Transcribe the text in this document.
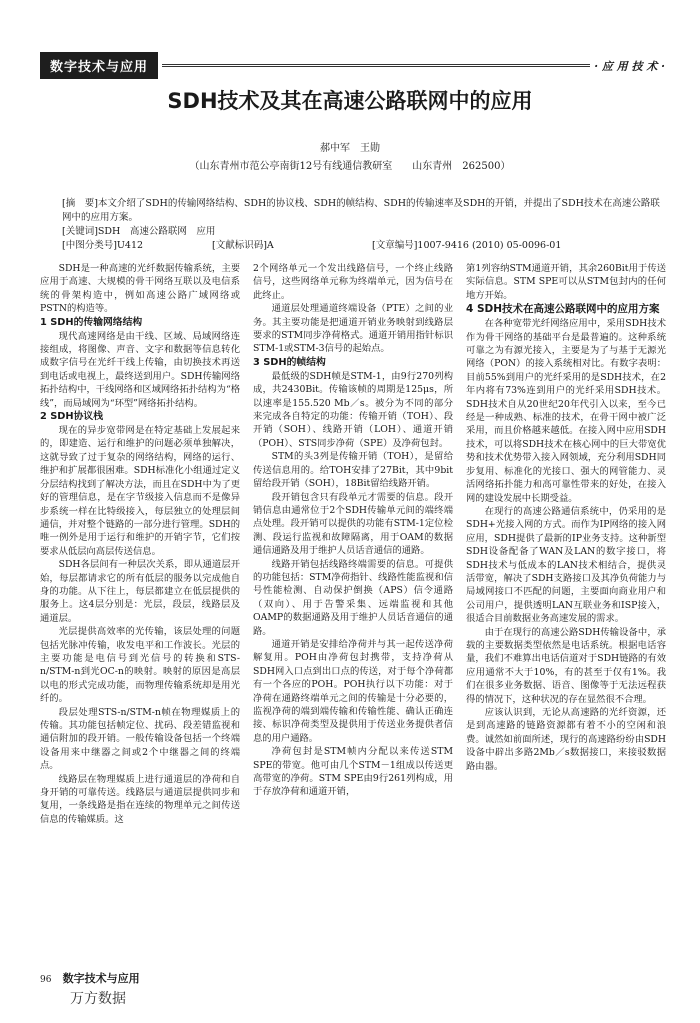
数字技术与应用	· 应 用 技 术 ·
SDH技术及其在高速公路联网中的应用
郝中军　王勋
（山东青州市范公亭南街12号有线通信教研室　　山东青州　262500）
[摘　要]本文介绍了SDH的传输网络结构、SDH的协议栈、SDH的帧结构、SDH的传输速率及SDH的开销，并提出了SDH技术在高速公路联网中的应用方案。
[关键词]SDH　高速公路联网　应用
[中图分类号]U412	[文献标识码]A	[文章编号]1007-9416 (2010) 05-0096-01

SDH是一种高速的光纤数据传输系统，主要应用于高速、大规模的骨干网络互联以及电信系统的骨架构造中，例如高速公路广域网络或PSTN的构造等。

1 SDH的传输网络结构

现代高速网络是由干线、区域、局域网络连接组成，将图像、声音、文字和数据等信息转化成数字信号在光纤干线上传输，由切换技术再送到电话或电视上，最终送到用户。SDH传输网络拓扑结构中，干线网络和区域网络拓扑结构为“格线”，而局域网为“环型”网络拓扑结构。

2 SDH协议栈

现在的异步宽带网是在特定基础上发展起来的，即建造、运行和维护的问题必须单独解决，这就导致了过于复杂的网络结构，网络的运行、维护和扩展都很困难。SDH标准化小组通过定义分层结构找到了解决方法，而且在SDH中为了更好的管理信息，是在字节级接入信息而不是像异步系统一样在比特级接入，每层独立的处理层间通信，并对整个链路的一部分进行管理。SDH的唯一例外是用于运行和维护的开销字节，它们按要求从低层向高层传送信息。

SDH各层间有一种层次关系，即从通道层开始，每层都请求它的所有低层的服务以完成他自身的功能。从下往上，每层都建立在低层提供的服务上。这4层分别是：光层，段层，线路层及通道层。

光层提供高效率的光传输，该层处理的问题包括光脉冲传输，收发电平和工作波长。光层的主要功能是电信号到光信号的转换和STS-n/STM-n到光OC-n的映射。映射的原因是高层以电的形式完成功能，而物理传输系统却是用光纤的。

段层处理STS-n/STM-n帧在物理媒质上的传输。其功能包括帧定位、扰码、段差错监视和通信附加的段开销。一般传输设备包括一个终端设备用来中继器之间或2个中继器之间的终端点。

线路层在物理媒质上进行通道层的净荷和自身开销的可靠传送。线路层与通道层提供同步和复用，一条线路是指在连续的物理单元之间传送信息的传输媒质。这

2个网络单元一个发出线路信号，一个终止线路信号，这些网络单元称为终端单元，因为信号在此终止。

通道层处理通道终端设备（PTE）之间的业务。其主要功能是把通道开销业务映射到线路层要求的STM同步净荷格式。通道开销用指针标识STM-1或STM-3信号的起始点。

3 SDH的帧结构

最低级的SDH帧是STM-1，由9行270列构成，共2430Bit。传输该帧的周期是125μs，所以速率是155.520 Mb／s。被分为不同的部分来完成各自特定的功能：传输开销（TOH）、段开销（SOH）、线路开销（LOH）、通道开销（POH）、STS同步净荷（SPE）及净荷包封。

STM的头3列是传输开销（TOH），是留给传送信息用的。给TOH安排了27Bit，其中9bit留给段开销（SOH），18Bit留给线路开销。

段开销包含只有段单元才需要的信息。段开销信息由通常位于2个SDH传输单元间的端终端点处理。段开销可以提供的功能有STM-1定位检测、段运行监视和故障隔离，用于OAM的数据通信通路及用于维护人员话音通信的通路。

线路开销包括线路终端需要的信息。可提供的功能包括：STM净荷指针、线路性能监视和信号性能检测、自动保护倒换（APS）信令通路（双向）、用于告警采集、远端监视和其他OAMP的数据通路及用于维护人员话音通信的通路。

通道开销是安排给净荷并与其一起传送净荷解复用。POH由净荷包封携带，支持净荷从SDH网入口点到出口点的传送，对于每个净荷都有一个各应的POH。POH执行以下功能：对于净荷在通路终端单元之间的传输是十分必要的，监视净荷的端到端传输和传输性能、确认正确连接、标识净荷类型及提供用于传送业务提供者信息的用户通路。

净荷包封是STM帧内分配以来传送STM SPE的带宽。他可由几个STM－1组成以传送更高带宽的净荷。STM SPE由9行261列构成，用于存放净荷和通道开销，

第1列容纳STM通道开销，其余260Bit用于传送实际信息。STM SPE可以从STM包封内的任何地方开始。

4 SDH技术在高速公路联网中的应用方案

在各种宽带光纤网络应用中，采用SDH技术作为骨干网络的基础平台是最普遍的。这种系统可靠之为有源光接入，主要是为了与基于无源光网络（PON）的接入系统相对比。有数字表明：目前55%到用户的光纤采用的是SDH技术，在2年内将有73%连到用户的光纤采用SDH技术。SDH技术自从20世纪20年代引入以来，至今已经是一种成熟、标准的技术，在骨干网中被广泛采用，而且价格越来越低。在接入网中应用SDH技术，可以将SDH技术在核心网中的巨大带宽优势和技术优势带入接入网领域，充分利用SDH同步复用、标准化的光接口、强大的网管能力、灵活网络拓扑能力和高可靠性带来的好处，在接入网的建设发展中长期受益。

在现行的高速公路通信系统中，仍采用的是SDH+光接入网的方式。而作为IP网络的接入网应用，SDH提供了最新的IP业务支持。这种新型SDH设备配备了WAN及LAN的数字接口，将SDH技术与低成本的LAN技术相结合，提供灵活带宽，解决了SDH支路接口及其净负荷能力与局域网接口不匹配的问题，主要面向商业用户和公司用户，提供透明LAN互联业务和ISP接入，很适合目前数据业务高速发展的需求。

由于在现行的高速公路SDH传输设备中，承载的主要数据类型依然是电话系统。根据电话容量，我们不难算出电话信道对于SDH链路的有效应用通常不大于10%，有的甚至于仅有1%。我们在很多业务数据、语音、图像等于无法远程获得的情况下，这种状况的存在显然很不合理。

应该认识到，无论从高速路的光纤资源，还是到高速路的链路资源都有着不小的空闲和浪费。诚然如前面所述，现行的高速路纷纷由SDH设备中辟出多路2Mb／s数据接口，来接驳数据路由器。

96 数字技术与应用
万方数据
